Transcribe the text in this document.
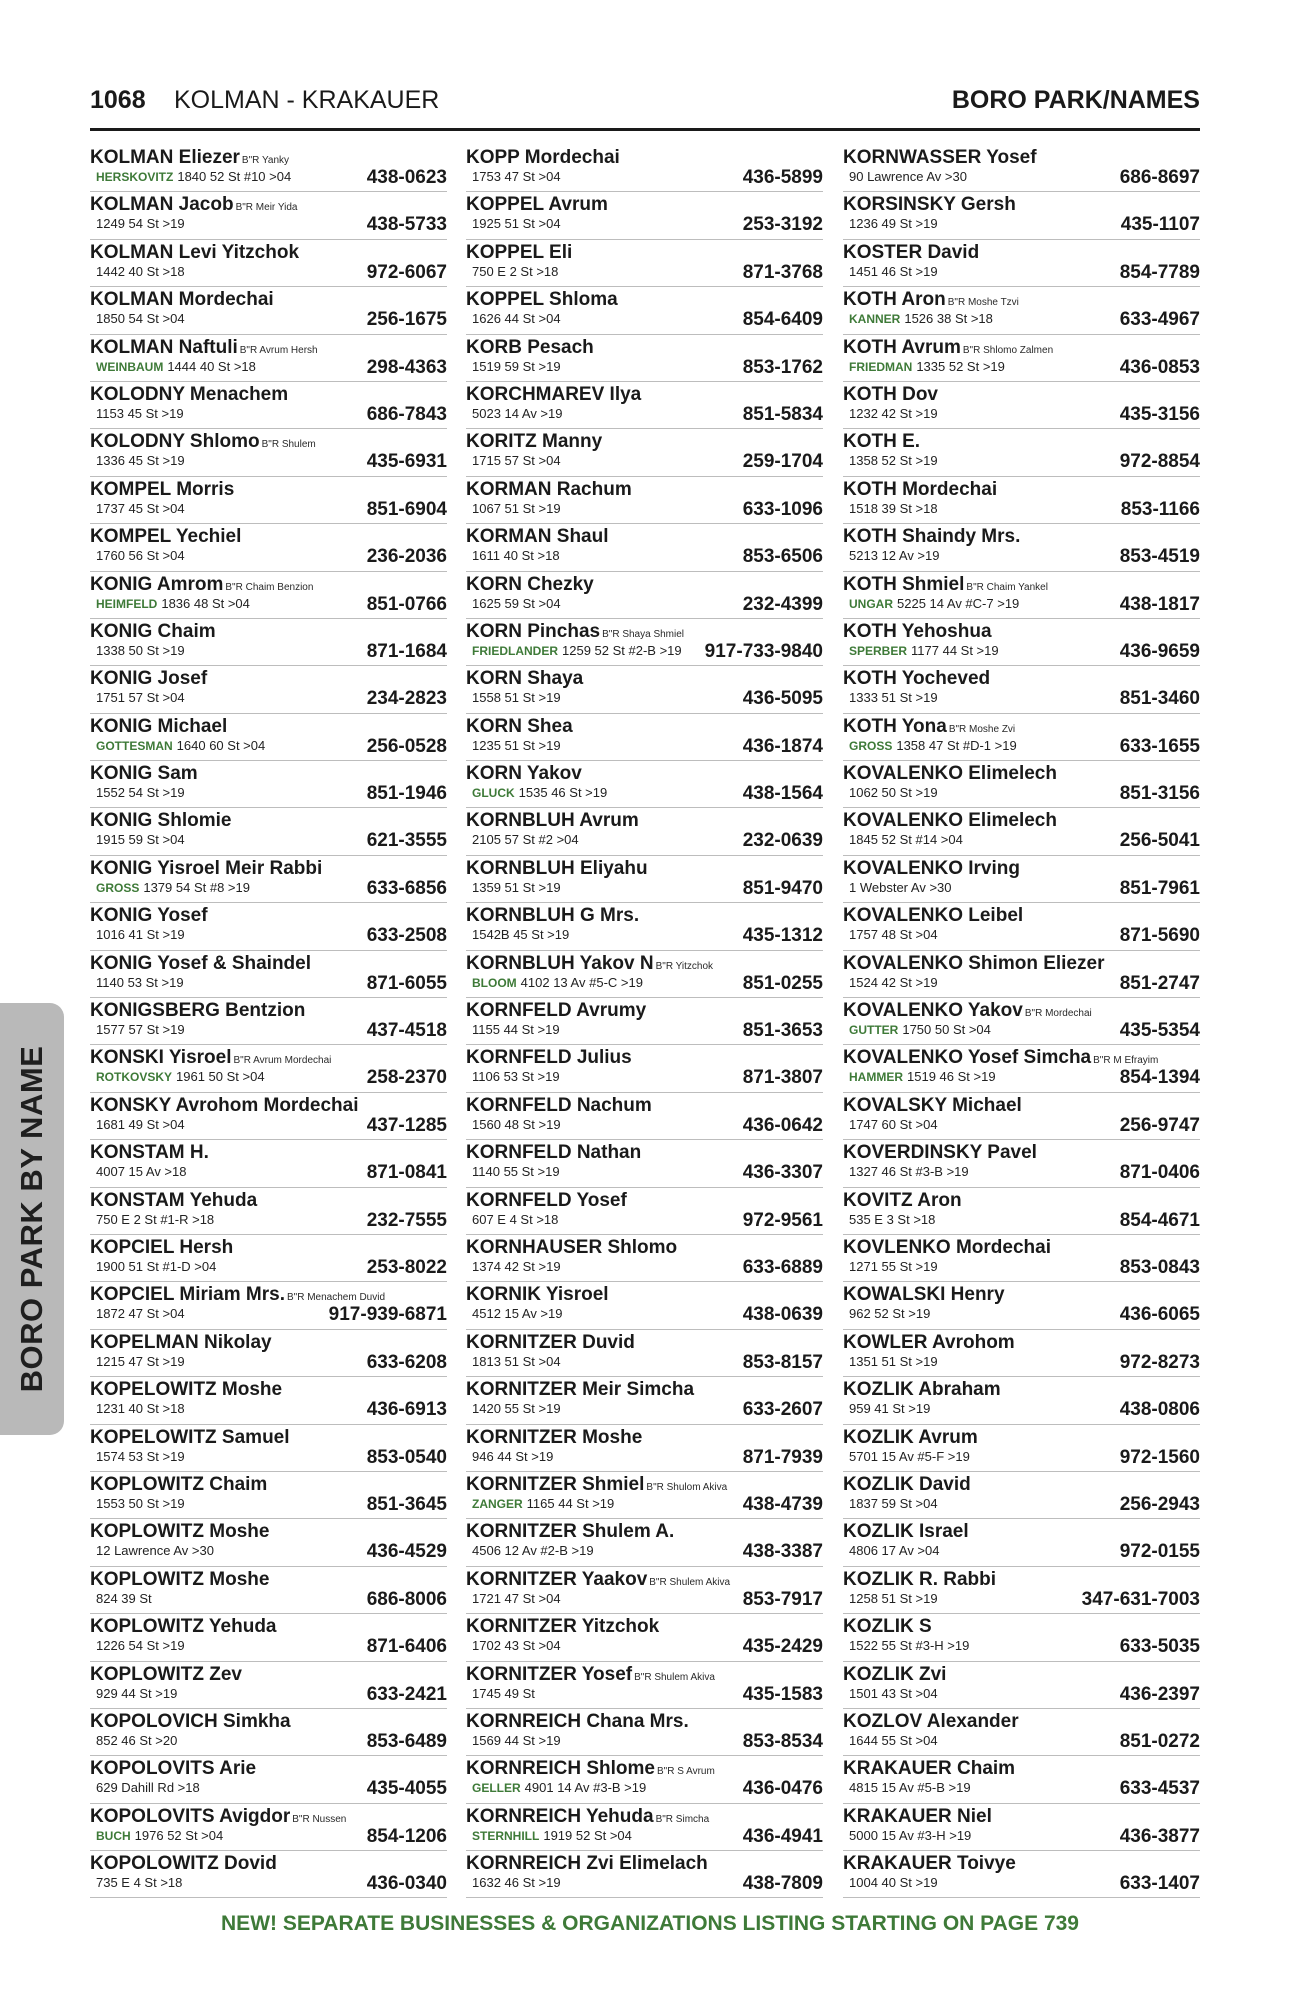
1068 KOLMAN - KRAKAUER	BORO PARK/NAMES
BORO PARK BY NAME
KOLMAN Eliezer B"R Yanky
HERSKOVITZ 1840 52 St #10 >04	438-0623
KOLMAN Jacob B"R Meir Yida
1249 54 St >19	438-5733
KOLMAN Levi Yitzchok
1442 40 St >18	972-6067
KOLMAN Mordechai
1850 54 St >04	256-1675
KOLMAN Naftuli B"R Avrum Hersh
WEINBAUM 1444 40 St >18	298-4363
KOLODNY Menachem
1153 45 St >19	686-7843
KOLODNY Shlomo B"R Shulem
1336 45 St >19	435-6931
KOMPEL Morris
1737 45 St >04	851-6904
KOMPEL Yechiel
1760 56 St >04	236-2036
KONIG Amrom B"R Chaim Benzion
HEIMFELD 1836 48 St >04	851-0766
KONIG Chaim
1338 50 St >19	871-1684
KONIG Josef
1751 57 St >04	234-2823
KONIG Michael
GOTTESMAN 1640 60 St >04	256-0528
KONIG Sam
1552 54 St >19	851-1946
KONIG Shlomie
1915 59 St >04	621-3555
KONIG Yisroel Meir Rabbi
GROSS 1379 54 St #8 >19	633-6856
KONIG Yosef
1016 41 St >19	633-2508
KONIG Yosef & Shaindel
1140 53 St >19	871-6055
KONIGSBERG Bentzion
1577 57 St >19	437-4518
KONSKI Yisroel B"R Avrum Mordechai
ROTKOVSKY 1961 50 St >04	258-2370
KONSKY Avrohom Mordechai
1681 49 St >04	437-1285
KONSTAM H.
4007 15 Av >18	871-0841
KONSTAM Yehuda
750 E 2 St #1-R >18	232-7555
KOPCIEL Hersh
1900 51 St #1-D >04	253-8022
KOPCIEL Miriam Mrs. B"R Menachem Duvid
1872 47 St >04	917-939-6871
KOPELMAN Nikolay
1215 47 St >19	633-6208
KOPELOWITZ Moshe
1231 40 St >18	436-6913
KOPELOWITZ Samuel
1574 53 St >19	853-0540
KOPLOWITZ Chaim
1553 50 St >19	851-3645
KOPLOWITZ Moshe
12 Lawrence Av >30	436-4529
KOPLOWITZ Moshe
824 39 St	686-8006
KOPLOWITZ Yehuda
1226 54 St >19	871-6406
KOPLOWITZ Zev
929 44 St >19	633-2421
KOPOLOVICH Simkha
852 46 St >20	853-6489
KOPOLOVITS Arie
629 Dahill Rd >18	435-4055
KOPOLOVITS Avigdor B"R Nussen
BUCH 1976 52 St >04	854-1206
KOPOLOWITZ Dovid
735 E 4 St >18	436-0340
KOPP Mordechai
1753 47 St >04	436-5899
KOPPEL Avrum
1925 51 St >04	253-3192
KOPPEL Eli
750 E 2 St >18	871-3768
KOPPEL Shloma
1626 44 St >04	854-6409
KORB Pesach
1519 59 St >19	853-1762
KORCHMAREV Ilya
5023 14 Av >19	851-5834
KORITZ Manny
1715 57 St >04	259-1704
KORMAN Rachum
1067 51 St >19	633-1096
KORMAN Shaul
1611 40 St >18	853-6506
KORN Chezky
1625 59 St >04	232-4399
KORN Pinchas B"R Shaya Shmiel
FRIEDLANDER 1259 52 St #2-B >19 917-733-9840
KORN Shaya
1558 51 St >19	436-5095
KORN Shea
1235 51 St >19	436-1874
KORN Yakov
GLUCK 1535 46 St >19	438-1564
KORNBLUH Avrum
2105 57 St #2 >04	232-0639
KORNBLUH Eliyahu
1359 51 St >19	851-9470
KORNBLUH G Mrs.
1542B 45 St >19	435-1312
KORNBLUH Yakov N B"R Yitzchok
BLOOM 4102 13 Av #5-C >19	851-0255
KORNFELD Avrumy
1155 44 St >19	851-3653
KORNFELD Julius
1106 53 St >19	871-3807
KORNFELD Nachum
1560 48 St >19	436-0642
KORNFELD Nathan
1140 55 St >19	436-3307
KORNFELD Yosef
607 E 4 St >18	972-9561
KORNHAUSER Shlomo
1374 42 St >19	633-6889
KORNIK Yisroel
4512 15 Av >19	438-0639
KORNITZER Duvid
1813 51 St >04	853-8157
KORNITZER Meir Simcha
1420 55 St >19	633-2607
KORNITZER Moshe
946 44 St >19	871-7939
KORNITZER Shmiel B"R Shulom Akiva
ZANGER 1165 44 St >19	438-4739
KORNITZER Shulem A.
4506 12 Av #2-B >19	438-3387
KORNITZER Yaakov B"R Shulem Akiva
1721 47 St >04	853-7917
KORNITZER Yitzchok
1702 43 St >04	435-2429
KORNITZER Yosef B"R Shulem Akiva
1745 49 St	435-1583
KORNREICH Chana Mrs.
1569 44 St >19	853-8534
KORNREICH Shlome B"R S Avrum
GELLER 4901 14 Av #3-B >19	436-0476
KORNREICH Yehuda B"R Simcha
STERNHILL 1919 52 St >04	436-4941
KORNREICH Zvi Elimelach
1632 46 St >19	438-7809
KORNWASSER Yosef
90 Lawrence Av >30	686-8697
KORSINSKY Gersh
1236 49 St >19	435-1107
KOSTER David
1451 46 St >19	854-7789
KOTH Aron B"R Moshe Tzvi
KANNER 1526 38 St >18	633-4967
KOTH Avrum B"R Shlomo Zalmen
FRIEDMAN 1335 52 St >19	436-0853
KOTH Dov
1232 42 St >19	435-3156
KOTH E.
1358 52 St >19	972-8854
KOTH Mordechai
1518 39 St >18	853-1166
KOTH Shaindy Mrs.
5213 12 Av >19	853-4519
KOTH Shmiel B"R Chaim Yankel
UNGAR 5225 14 Av #C-7 >19	438-1817
KOTH Yehoshua
SPERBER 1177 44 St >19	436-9659
KOTH Yocheved
1333 51 St >19	851-3460
KOTH Yona B"R Moshe Zvi
GROSS 1358 47 St #D-1 >19	633-1655
KOVALENKO Elimelech
1062 50 St >19	851-3156
KOVALENKO Elimelech
1845 52 St #14 >04	256-5041
KOVALENKO Irving
1 Webster Av >30	851-7961
KOVALENKO Leibel
1757 48 St >04	871-5690
KOVALENKO Shimon Eliezer
1524 42 St >19	851-2747
KOVALENKO Yakov B"R Mordechai
GUTTER 1750 50 St >04	435-5354
KOVALENKO Yosef Simcha B"R M Efrayim
HAMMER 1519 46 St >19	854-1394
KOVALSKY Michael
1747 60 St >04	256-9747
KOVERDINSKY Pavel
1327 46 St #3-B >19	871-0406
KOVITZ Aron
535 E 3 St >18	854-4671
KOVLENKO Mordechai
1271 55 St >19	853-0843
KOWALSKI Henry
962 52 St >19	436-6065
KOWLER Avrohom
1351 51 St >19	972-8273
KOZLIK Abraham
959 41 St >19	438-0806
KOZLIK Avrum
5701 15 Av #5-F >19	972-1560
KOZLIK David
1837 59 St >04	256-2943
KOZLIK Israel
4806 17 Av >04	972-0155
KOZLIK R. Rabbi
1258 51 St >19	347-631-7003
KOZLIK S
1522 55 St #3-H >19	633-5035
KOZLIK Zvi
1501 43 St >04	436-2397
KOZLOV Alexander
1644 55 St >04	851-0272
KRAKAUER Chaim
4815 15 Av #5-B >19	633-4537
KRAKAUER Niel
5000 15 Av #3-H >19	436-3877
KRAKAUER Toivye
1004 40 St >19	633-1407
NEW! SEPARATE BUSINESSES & ORGANIZATIONS LISTING STARTING ON PAGE 739
